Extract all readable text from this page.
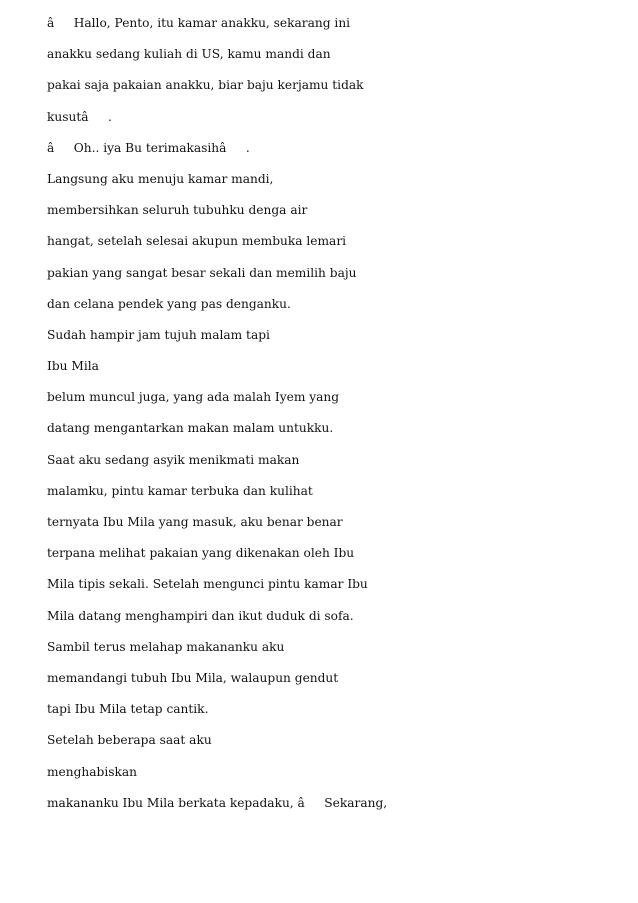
âHallo, Pento, itu kamar anakku, sekarang ini

anakku sedang kuliah di US, kamu mandi dan

pakai saja pakaian anakku, biar baju kerjamu tidak

kusutâ.

âOh.. iya Bu terimakasihâ.

Langsung aku menuju kamar mandi,

membersihkan seluruh tubuhku denga air

hangat, setelah selesai akupun membuka lemari

pakian yang sangat besar sekali dan memilih baju

dan celana pendek yang pas denganku.

Sudah hampir jam tujuh malam tapi

Ibu Mila

belum muncul juga, yang ada malah Iyem yang

datang mengantarkan makan malam untukku.

Saat aku sedang asyik menikmati makan

malamku, pintu kamar terbuka dan kulihat

ternyata Ibu Mila yang masuk, aku benar benar

terpana melihat pakaian yang dikenakan oleh Ibu

Mila tipis sekali. Setelah mengunci pintu kamar Ibu

Mila datang menghampiri dan ikut duduk di sofa.

Sambil terus melahap makananku aku

memandangi tubuh Ibu Mila, walaupun gendut

tapi Ibu Mila tetap cantik.

Setelah beberapa saat aku

menghabiskan

makananku Ibu Mila berkata kepadaku, âSekarang,
